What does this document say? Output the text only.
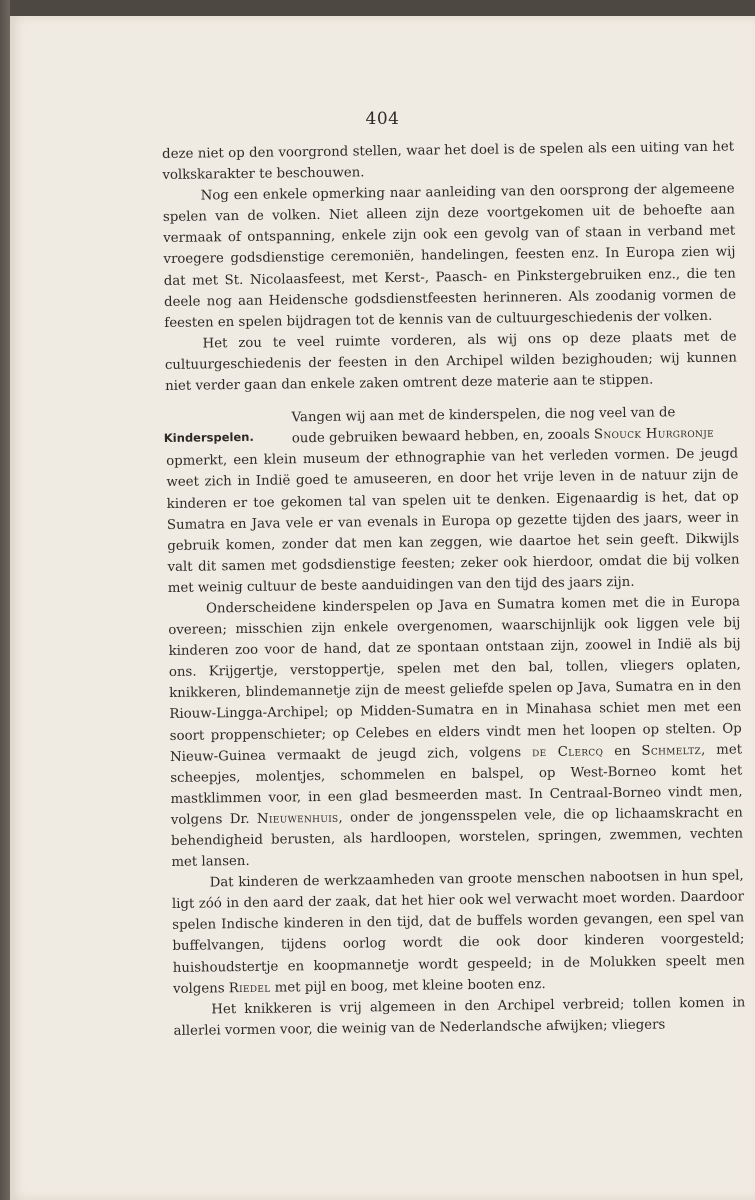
404

deze niet op den voorgrond stellen, waar het doel is de spelen als een uiting van het volkskarakter te beschouwen.

Nog een enkele opmerking naar aanleiding van den oorsprong der algemeene spelen van de volken. Niet alleen zijn deze voortgekomen uit de behoefte aan vermaak of ontspanning, enkele zijn ook een gevolg van of staan in verband met vroegere godsdienstige ceremoniën, handelingen, feesten enz. In Europa zien wij dat met St. Nicolaasfeest, met Kerst-, Paasch- en Pinkstergebruiken enz., die ten deele nog aan Heidensche godsdienstfeesten herinneren. Als zoodanig vormen de feesten en spelen bijdragen tot de kennis van de cultuurgeschiedenis der volken.

Het zou te veel ruimte vorderen, als wij ons op deze plaats met de cultuurgeschiedenis der feesten in den Archipel wilden bezighouden; wij kunnen niet verder gaan dan enkele zaken omtrent deze materie aan te stippen.

Kinderspelen.

Vangen wij aan met de kinderspelen, die nog veel van de

oude gebruiken bewaard hebben, en, zooals Snouck Hurgronje

opmerkt, een klein museum der ethnographie van het verleden vormen. De jeugd weet zich in Indië goed te amuseeren, en door het vrije leven in de natuur zijn de kinderen er toe gekomen tal van spelen uit te denken. Eigenaardig is het, dat op Sumatra en Java vele er van evenals in Europa op gezette tijden des jaars, weer in gebruik komen, zonder dat men kan zeggen, wie daartoe het sein geeft. Dikwijls valt dit samen met godsdienstige feesten; zeker ook hierdoor, omdat die bij volken met weinig cultuur de beste aanduidingen van den tijd des jaars zijn.

Onderscheidene kinderspelen op Java en Sumatra komen met die in Europa overeen; misschien zijn enkele overgenomen, waarschijnlijk ook liggen vele bij kinderen zoo voor de hand, dat ze spontaan ontstaan zijn, zoowel in Indië als bij ons. Krijgertje, verstoppertje, spelen met den bal, tollen, vliegers oplaten, knikkeren, blindemannetje zijn de meest geliefde spelen op Java, Sumatra en in den Riouw-Lingga-Archipel; op Midden-Sumatra en in Minahasa schiet men met een soort proppenschieter; op Celebes en elders vindt men het loopen op stelten. Op Nieuw-Guinea vermaakt de jeugd zich, volgens de Clercq en Schmeltz, met scheepjes, molentjes, schommelen en balspel, op West-Borneo komt het mastklimmen voor, in een glad besmeerden mast. In Centraal-Borneo vindt men, volgens Dr. Nieuwenhuis, onder de jongensspelen vele, die op lichaamskracht en behendigheid berusten, als hardloopen, worstelen, springen, zwemmen, vechten met lansen.

Dat kinderen de werkzaamheden van groote menschen nabootsen in hun spel, ligt zóó in den aard der zaak, dat het hier ook wel verwacht moet worden. Daardoor spelen Indische kinderen in den tijd, dat de buffels worden gevangen, een spel van buffelvangen, tijdens oorlog wordt die ook door kinderen voorgesteld; huishoudstertje en koopmannetje wordt gespeeld; in de Molukken speelt men volgens Riedel met pijl en boog, met kleine booten enz.

Het knikkeren is vrij algemeen in den Archipel verbreid; tollen komen in allerlei vormen voor, die weinig van de Nederlandsche afwijken; vliegers
